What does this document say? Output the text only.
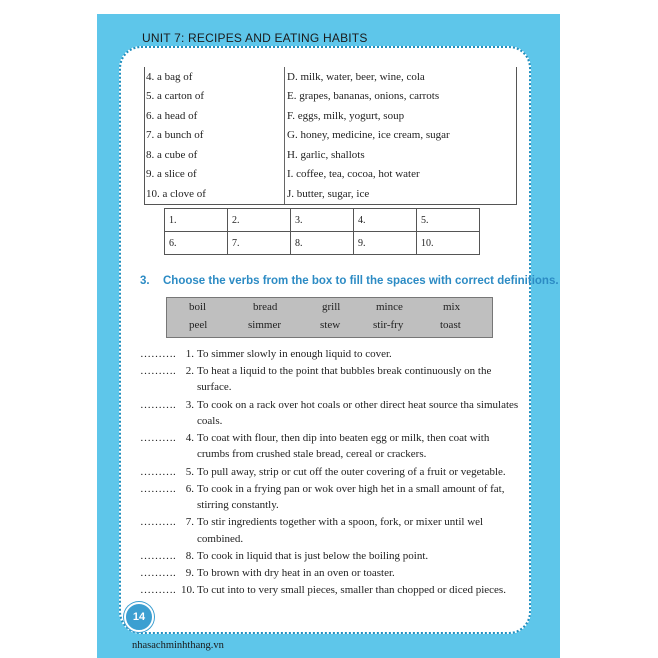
UNIT 7: RECIPES AND EATING HABITS
4. a bag of	D. milk, water, beer, wine, cola
5. a carton of	E. grapes, bananas, onions, carrots
6. a head of	F. eggs, milk, yogurt, soup
7. a bunch of	G. honey, medicine, ice cream, sugar
8. a cube of	H. garlic, shallots
9. a slice of	I. coffee, tea, cocoa, hot water
10. a clove of	J. butter, sugar, ice
1.	2.	3.	4.	5.
6.	7.	8.	9.	10.
3. Choose the verbs from the box to fill the spaces with correct definitions.
boil	bread	grill	mince	mix
peel	simmer	stew	stir-fry	toast
………. 1. To simmer slowly in enough liquid to cover.
………. 2. To heat a liquid to the point that bubbles break continuously on the surface.
………. 3. To cook on a rack over hot coals or other direct heat source tha simulates coals.
………. 4. To coat with flour, then dip into beaten egg or milk, then coat with crumbs from crushed stale bread, cereal or crackers.
………. 5. To pull away, strip or cut off the outer covering of a fruit or vegetable.
………. 6. To cook in a frying pan or wok over high het in a small amount of fat, stirring constantly.
………. 7. To stir ingredients together with a spoon, fork, or mixer until wel combined.
………. 8. To cook in liquid that is just below the boiling point.
………. 9. To brown with dry heat in an oven or toaster.
………. 10. To cut into to very small pieces, smaller than chopped or diced pieces.
14
nhasachminhthang.vn
